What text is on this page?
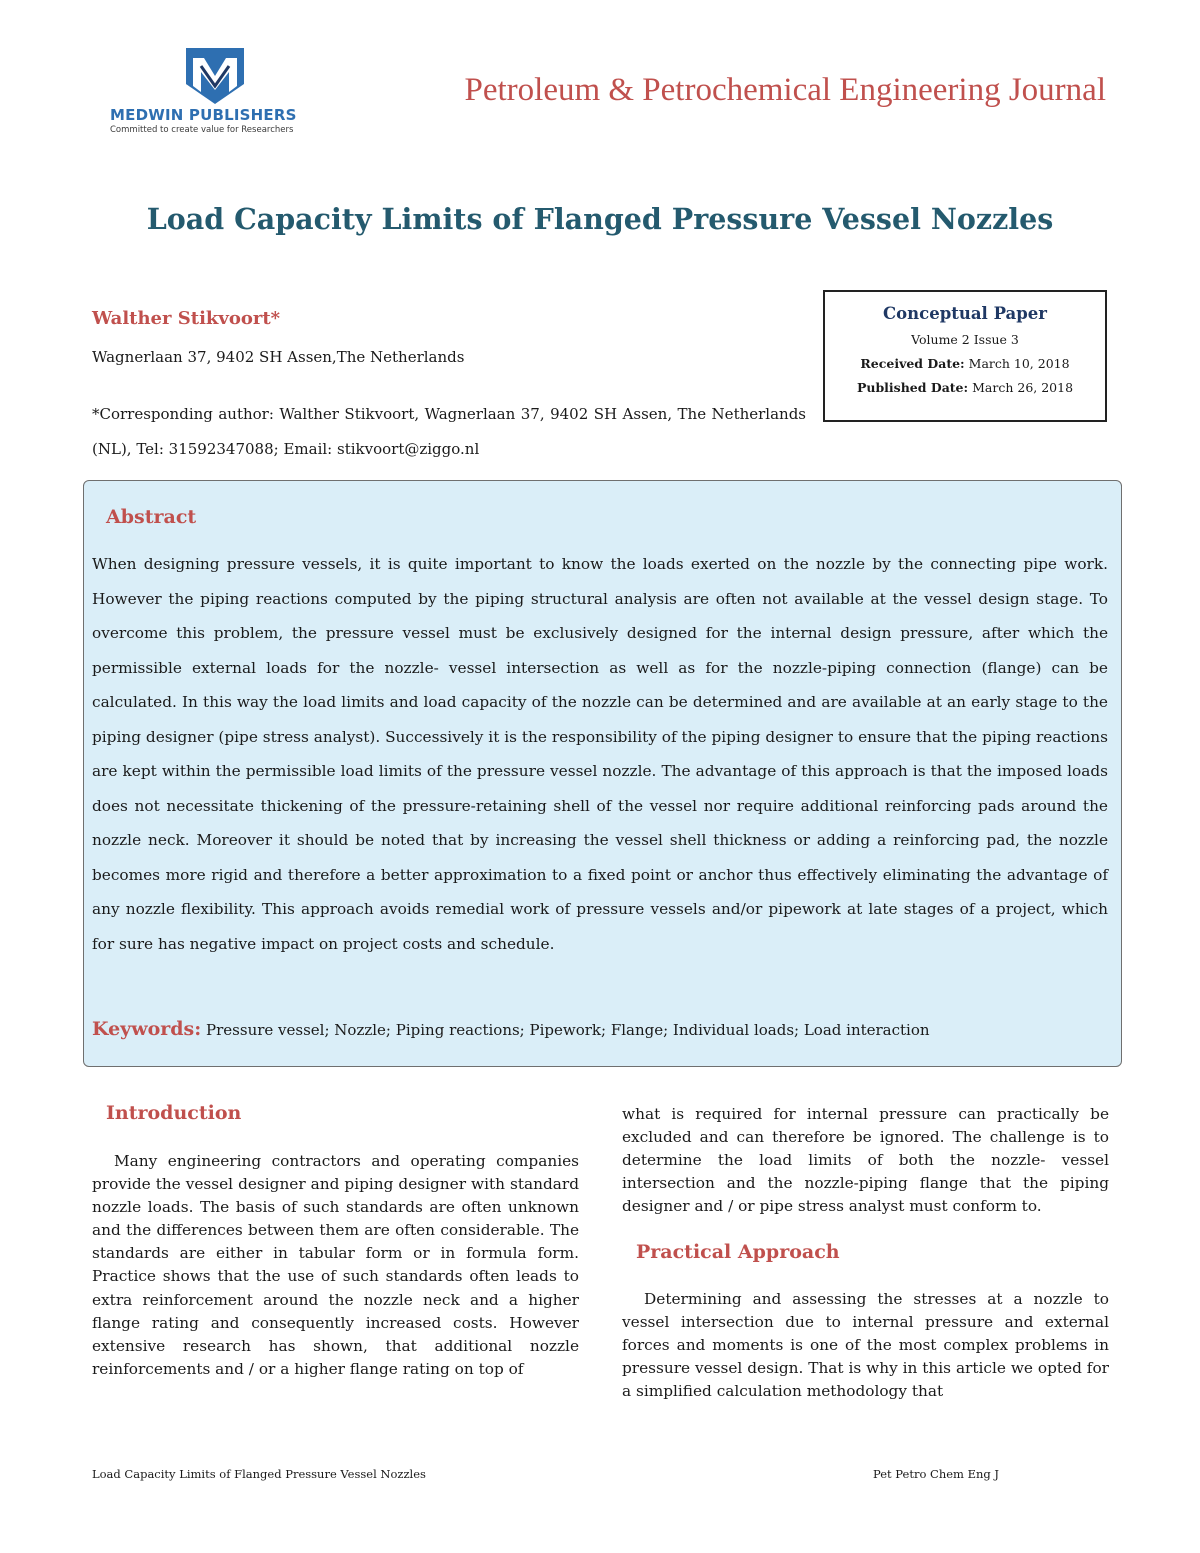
MEDWIN PUBLISHERS
Committed to create value for Researchers
Petroleum & Petrochemical Engineering Journal
Load Capacity Limits of Flanged Pressure Vessel Nozzles
Walther Stikvoort*
Wagnerlaan 37, 9402 SH Assen,The Netherlands
*Corresponding author: Walther Stikvoort, Wagnerlaan 37, 9402 SH Assen, The Netherlands (NL), Tel: 31592347088; Email: stikvoort@ziggo.nl
Conceptual Paper
Volume 2 Issue 3
Received Date: March 10, 2018
Published Date: March 26, 2018
Abstract
When designing pressure vessels, it is quite important to know the loads exerted on the nozzle by the connecting pipe work. However the piping reactions computed by the piping structural analysis are often not available at the vessel design stage. To overcome this problem, the pressure vessel must be exclusively designed for the internal design pressure, after which the permissible external loads for the nozzle- vessel intersection as well as for the nozzle-piping connection (flange) can be calculated. In this way the load limits and load capacity of the nozzle can be determined and are available at an early stage to the piping designer (pipe stress analyst). Successively it is the responsibility of the piping designer to ensure that the piping reactions are kept within the permissible load limits of the pressure vessel nozzle. The advantage of this approach is that the imposed loads does not necessitate thickening of the pressure-retaining shell of the vessel nor require additional reinforcing pads around the nozzle neck. Moreover it should be noted that by increasing the vessel shell thickness or adding a reinforcing pad, the nozzle becomes more rigid and therefore a better approximation to a fixed point or anchor thus effectively eliminating the advantage of any nozzle flexibility. This approach avoids remedial work of pressure vessels and/or pipework at late stages of a project, which for sure has negative impact on project costs and schedule.
Keywords: Pressure vessel; Nozzle; Piping reactions; Pipework; Flange; Individual loads; Load interaction
Introduction
Many engineering contractors and operating companies provide the vessel designer and piping designer with standard nozzle loads. The basis of such standards are often unknown and the differences between them are often considerable. The standards are either in tabular form or in formula form. Practice shows that the use of such standards often leads to extra reinforcement around the nozzle neck and a higher flange rating and consequently increased costs. However extensive research has shown, that additional nozzle reinforcements and / or a higher flange rating on top of
what is required for internal pressure can practically be excluded and can therefore be ignored. The challenge is to determine the load limits of both the nozzle- vessel intersection and the nozzle-piping flange that the piping designer and / or pipe stress analyst must conform to.
Practical Approach
Determining and assessing the stresses at a nozzle to vessel intersection due to internal pressure and external forces and moments is one of the most complex problems in pressure vessel design. That is why in this article we opted for a simplified calculation methodology that
Load Capacity Limits of Flanged Pressure Vessel Nozzles	Pet Petro Chem Eng J
